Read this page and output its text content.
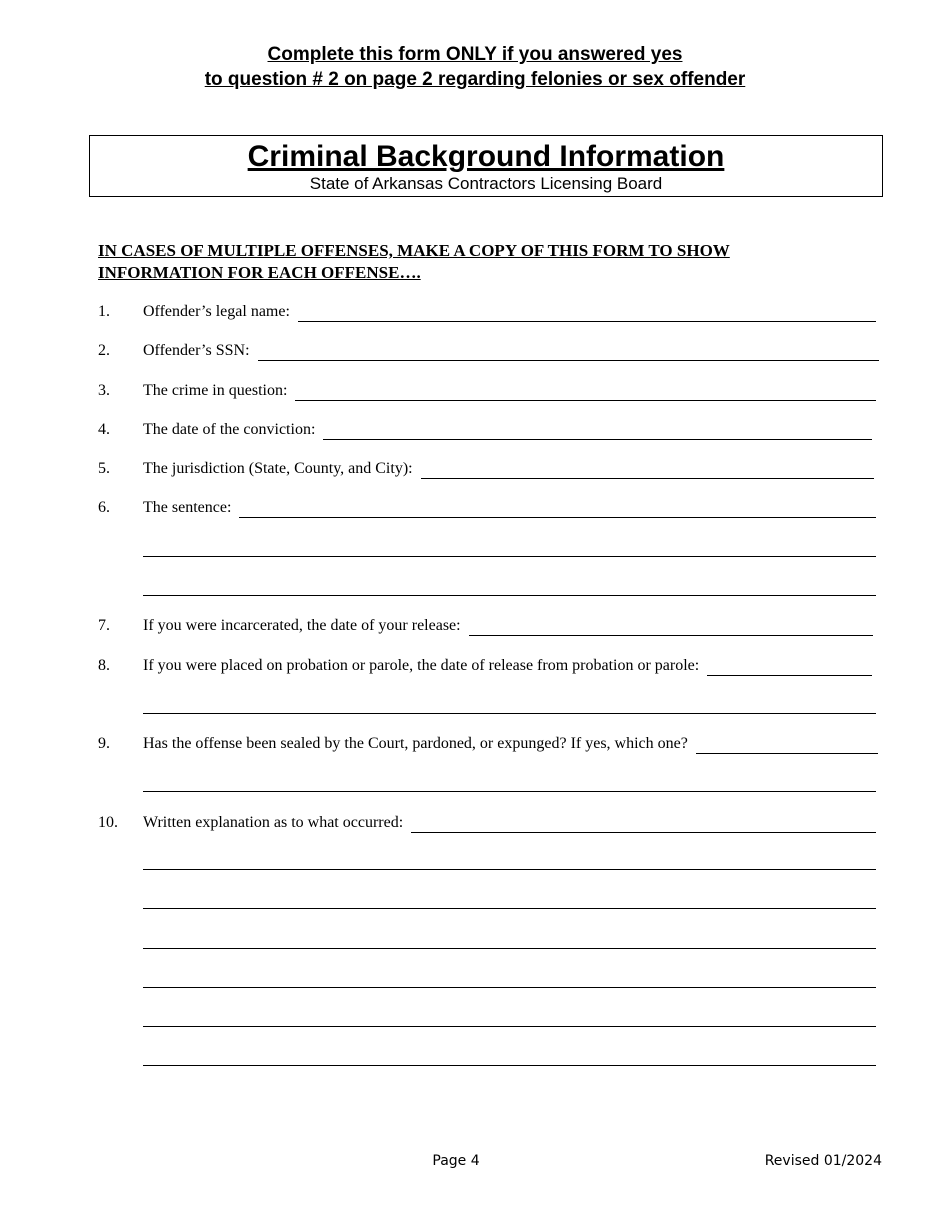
Complete this form ONLY if you answered yes
to question # 2 on page 2 regarding felonies or sex offender
Criminal Background Information
State of Arkansas Contractors Licensing Board
IN CASES OF MULTIPLE OFFENSES, MAKE A COPY OF THIS FORM TO SHOW
INFORMATION FOR EACH OFFENSE….
1. Offender’s legal name:
2. Offender’s SSN:
3. The crime in question:
4. The date of the conviction:
5. The jurisdiction (State, County, and City):
6. The sentence:
7. If you were incarcerated, the date of your release:
8. If you were placed on probation or parole, the date of release from probation or parole:
9. Has the offense been sealed by the Court, pardoned, or expunged? If yes, which one?
10. Written explanation as to what occurred:
Page 4	Revised 01/2024
